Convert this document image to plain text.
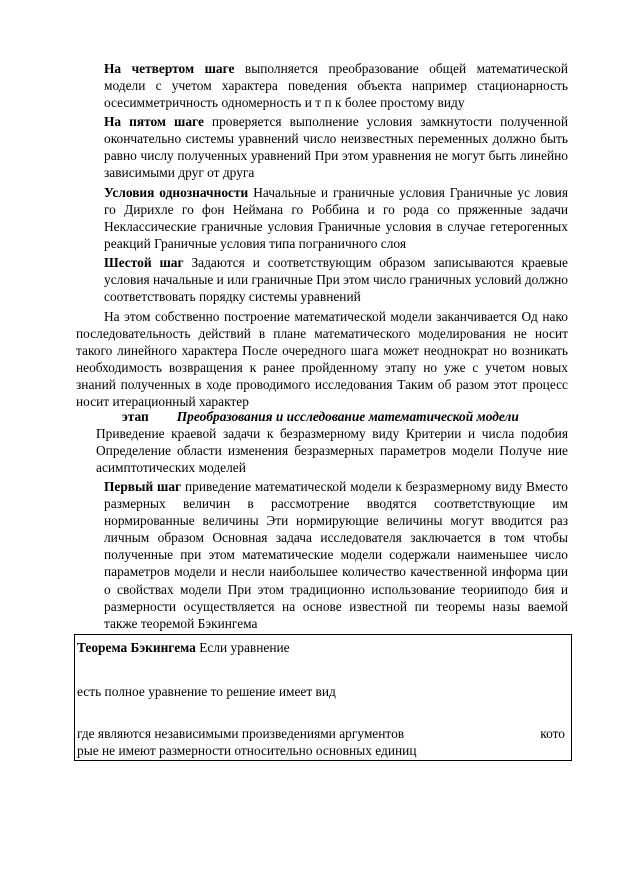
На четвертом шаге выполняется преобразование общей математической модели с учетом характера поведения объекта например стационарность осесимметричность одномерность и т п к более простому виду
На пятом шаге проверяется выполнение условия замкнутости полученной окончательно системы уравнений число неизвестных переменных должно быть равно числу полученных уравнений При этом уравнения не могут быть линейно зависимыми друг от друга
Условия однозначности Начальные и граничные условия Граничные ус ловия го Дирихле го фон Неймана го Роббина и го рода со пряженные задачи Неклассические граничные условия Граничные условия в случае гетерогенных реакций Граничные условия типа пограничного слоя
Шестой шаг Задаются и соответствующим образом записываются краевые условия начальные и или граничные При этом число граничных условий должно соответствовать порядку системы уравнений
На этом собственно построение математической модели заканчивается Од нако последовательность действий в плане математического моделирования не носит такого линейного характера После очередного шага может неоднократ но возникать необходимость возвращения к ранее пройденному этапу но уже с учетом новых знаний полученных в ходе проводимого исследования Таким об разом этот процесс носит итерационный характер
этап Преобразования и исследование математической модели
Приведение краевой задачи к безразмерному виду Критерии и числа подобия Определение области изменения безразмерных параметров модели Получе ние асимптотических моделей
Первый шаг приведение математической модели к безразмерному виду Вместо размерных величин в рассмотрение вводятся соответствующие им нормированные величины Эти нормирующие величины могут вводится раз личным образом Основная задача исследователя заключается в том чтобы полученные при этом математические модели содержали наименьшее число параметров модели и несли наибольшее количество качественной информа ции о свойствах модели При этом традиционно использование теорииподо бия и размерности осуществляется на основе известной пи теоремы назы ваемой также теоремой Бэкингема
Теорема Бэкингема Если уравнение
есть полное уравнение то решение имеет вид
где являются независимыми произведениями аргументов	кото
рые не имеют размерности относительно основных единиц
